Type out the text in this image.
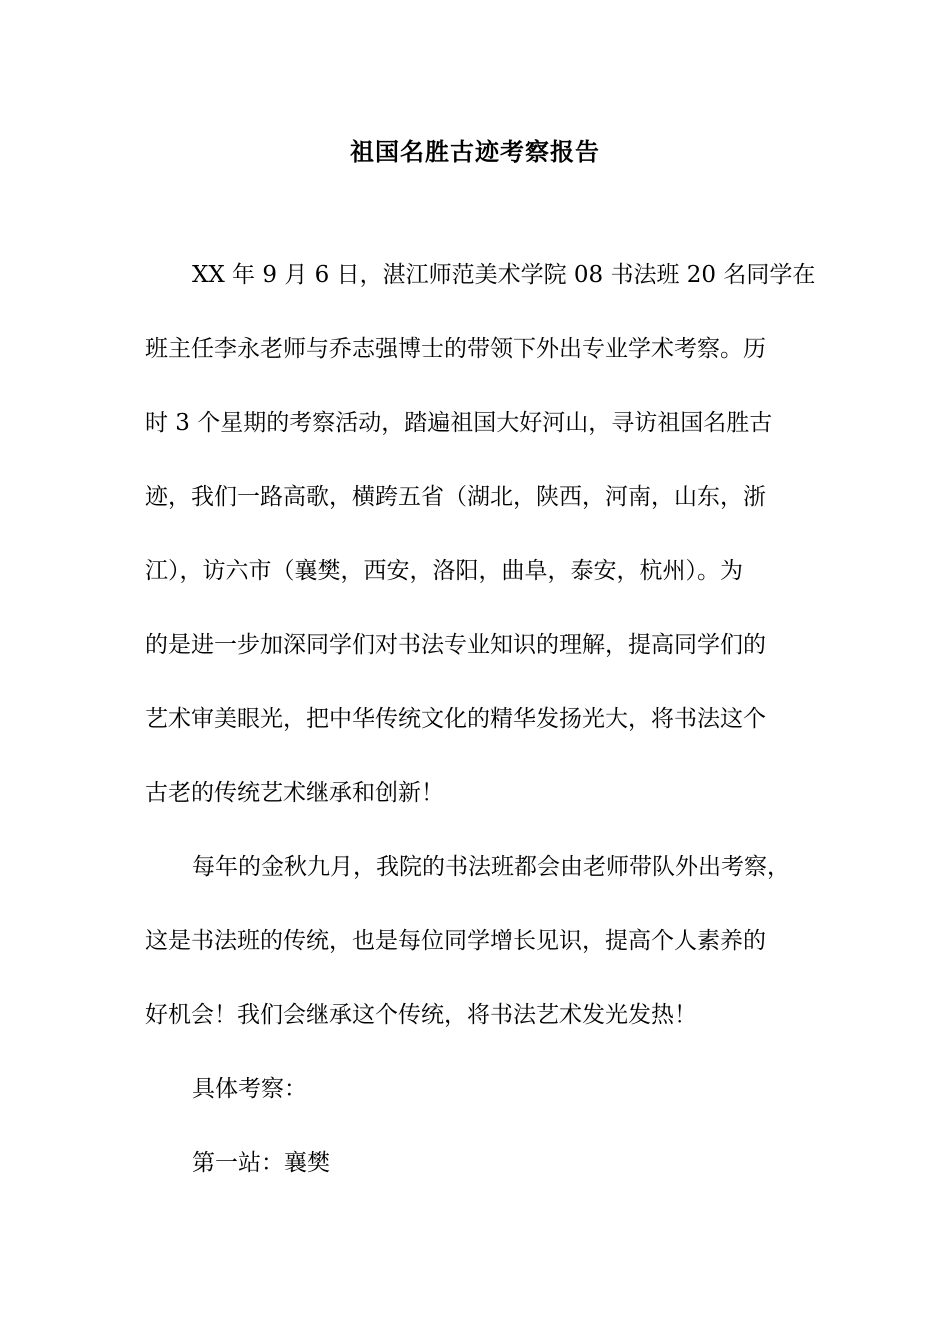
祖国名胜古迹考察报告
XX 年 9 月 6 日，湛江师范美术学院 08 书法班 20 名同学在
班主任李永老师与乔志强博士的带领下外出专业学术考察。历
时 3 个星期的考察活动，踏遍祖国大好河山，寻访祖国名胜古
迹，我们一路高歌，横跨五省（湖北，陕西，河南，山东，浙
江），访六市（襄樊，西安，洛阳，曲阜，泰安，杭州）。为
的是进一步加深同学们对书法专业知识的理解，提高同学们的
艺术审美眼光，把中华传统文化的精华发扬光大，将书法这个
古老的传统艺术继承和创新！
每年的金秋九月，我院的书法班都会由老师带队外出考察，
这是书法班的传统，也是每位同学增长见识，提高个人素养的
好机会！我们会继承这个传统，将书法艺术发光发热！
具体考察：
第一站：襄樊
